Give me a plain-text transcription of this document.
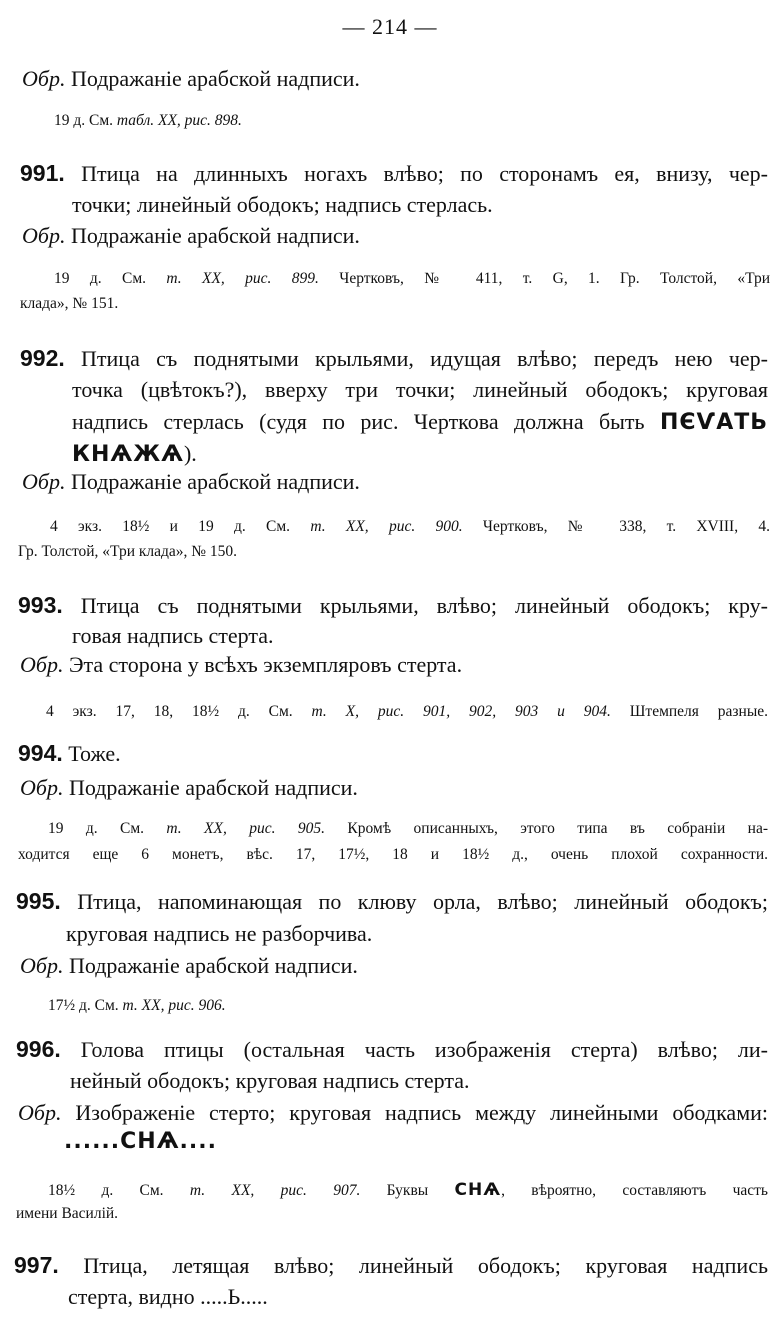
— 214 —
Обр. Подражаніе арабской надписи.
19 д. См. табл. XX, рис. 898.
991. Птица на длинныхъ ногахъ влѣво; по сторонамъ ея, внизу, чер-
точки; линейный ободокъ; надпись стерлась.
Обр. Подражаніе арабской надписи.
19 д. См. т. XX, рис. 899. Чертковъ, № 411, т. G, 1. Гр. Толстой, «Три
клада», № 151.
992. Птица съ поднятыми крыльями, идущая влѣво; передъ нею чер-
точка (цвѣтокъ?), вверху три точки; линейный ободокъ; круговая
надпись стерлась (судя по рис. Черткова должна быть ПЄѴАТЬ
КНѦЖѦ).
Обр. Подражаніе арабской надписи.
4 экз. 18½ и 19 д. См. т. XX, рис. 900. Чертковъ, № 338, т. XVIII, 4.
Гр. Толстой, «Три клада», № 150.
993. Птица съ поднятыми крыльями, влѣво; линейный ободокъ; кру-
говая надпись стерта.
Обр. Эта сторона у всѣхъ экземпляровъ стерта.
4 экз. 17, 18, 18½ д. См. т. X, рис. 901, 902, 903 и 904. Штемпеля разные.
994. Тоже.
Обр. Подражаніе арабской надписи.
19 д. См. т. XX, рис. 905. Кромѣ описанныхъ, этого типа въ собраніи на-
ходится еще 6 монетъ, вѣс. 17, 17½, 18 и 18½ д., очень плохой сохранности.
995. Птица, напоминающая по клюву орла, влѣво; линейный ободокъ;
круговая надпись не разборчива.
Обр. Подражаніе арабской надписи.
17½ д. См. т. XX, рис. 906.
996. Голова птицы (остальная часть изображенія стерта) влѣво; ли-
нейный ободокъ; круговая надпись стерта.
Обр. Изображеніе стерто; круговая надпись между линейными ободками:
......СНѦ....
18½ д. См. т. XX, рис. 907. Буквы СНѦ, вѣроятно, составляютъ часть
имени Василій.
997. Птица, летящая влѣво; линейный ободокъ; круговая надпись
стерта, видно .....Ь.....
